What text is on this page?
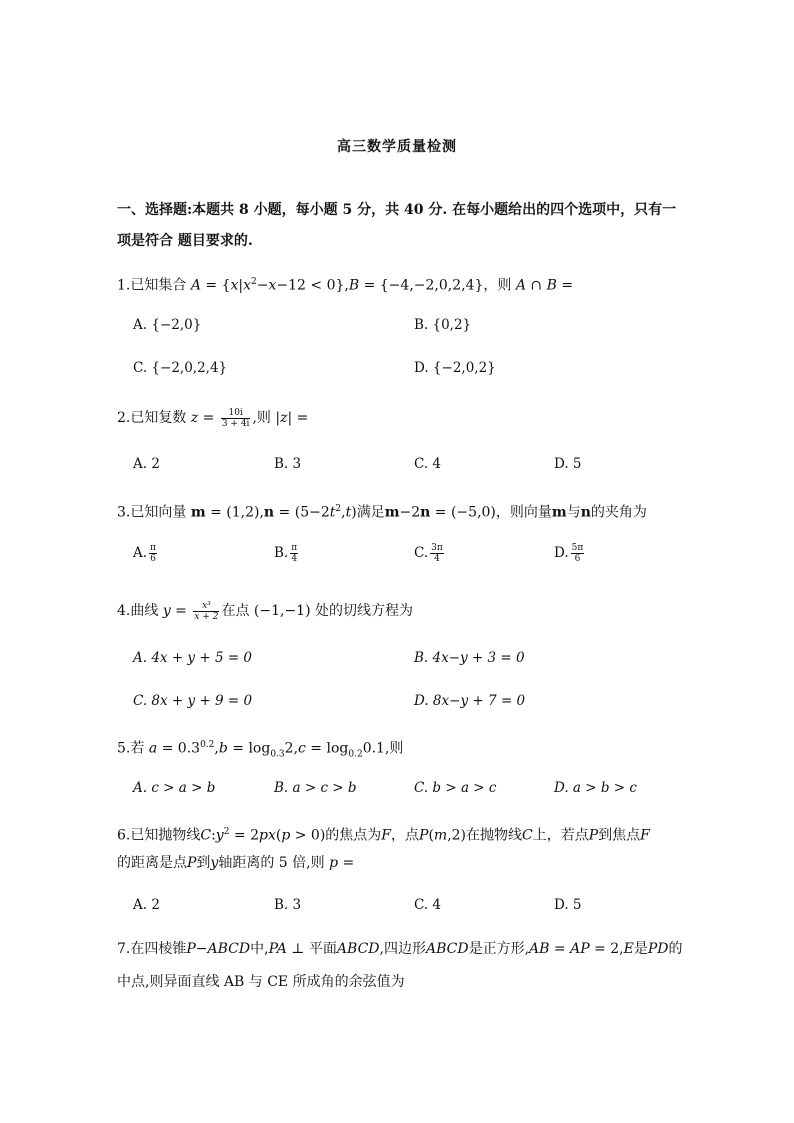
高三数学质量检测
一、选择题:本题共 8 小题，每小题 5 分，共 40 分. 在每小题给出的四个选项中，只有一项是符合 题目要求的.
1.已知集合 $A = \{x|x^2-x-12 < 0\},B = \{-4,-2,0,2,4\}$，则 A ∩ B =
A. {−2,0}	B. {0,2}
C. {−2,0,2,4}	D. {−2,0,2}
2.已知复数 $z = \frac{10i}{3 + 4i}$ ,则 |z| =
A. 2	B. 3	C. 4	D. 5
3.已知向量 $m = (1,2),n = (5-2t^2,t)$满足m−2n = (−5,0)，则向量m与n的夹角为
A. $\frac{\pi}{6}$	B. $\frac{\pi}{4}$	C. $\frac{3\pi}{4}$	D. $\frac{5\pi}{6}$
4.曲线 $y = \frac{\text{x³}}{x + 2}$ 在点 (−1,−1) 处的切线方程为
A. 4x + y + 5 = 0	B. 4x−y + 3 = 0
C. 8x + y + 9 = 0	D. 8x−y + 7 = 0
5.若 $a = 0.3^{0.2},b = \log_{0.3}2,c = \log_{0.2}0.1$,则
A. c > a > b	B. a > c > b	C. b > a > c	D. a > b > c
6.已知抛物线$C:y^2 = 2px(p > 0)$的焦点为F，点P(m,2)在抛物线C上，若点P到焦点F
的距离是点P到y轴距离的 5 倍,则 p =
A. 2	B. 3	C. 4	D. 5
7.在四棱锥P−ABCD中,PA ⊥ 平面ABCD,四边形ABCD是正方形,AB = AP = 2,E是PD的
中点,则异面直线 AB 与 CE 所成角的余弦值为
